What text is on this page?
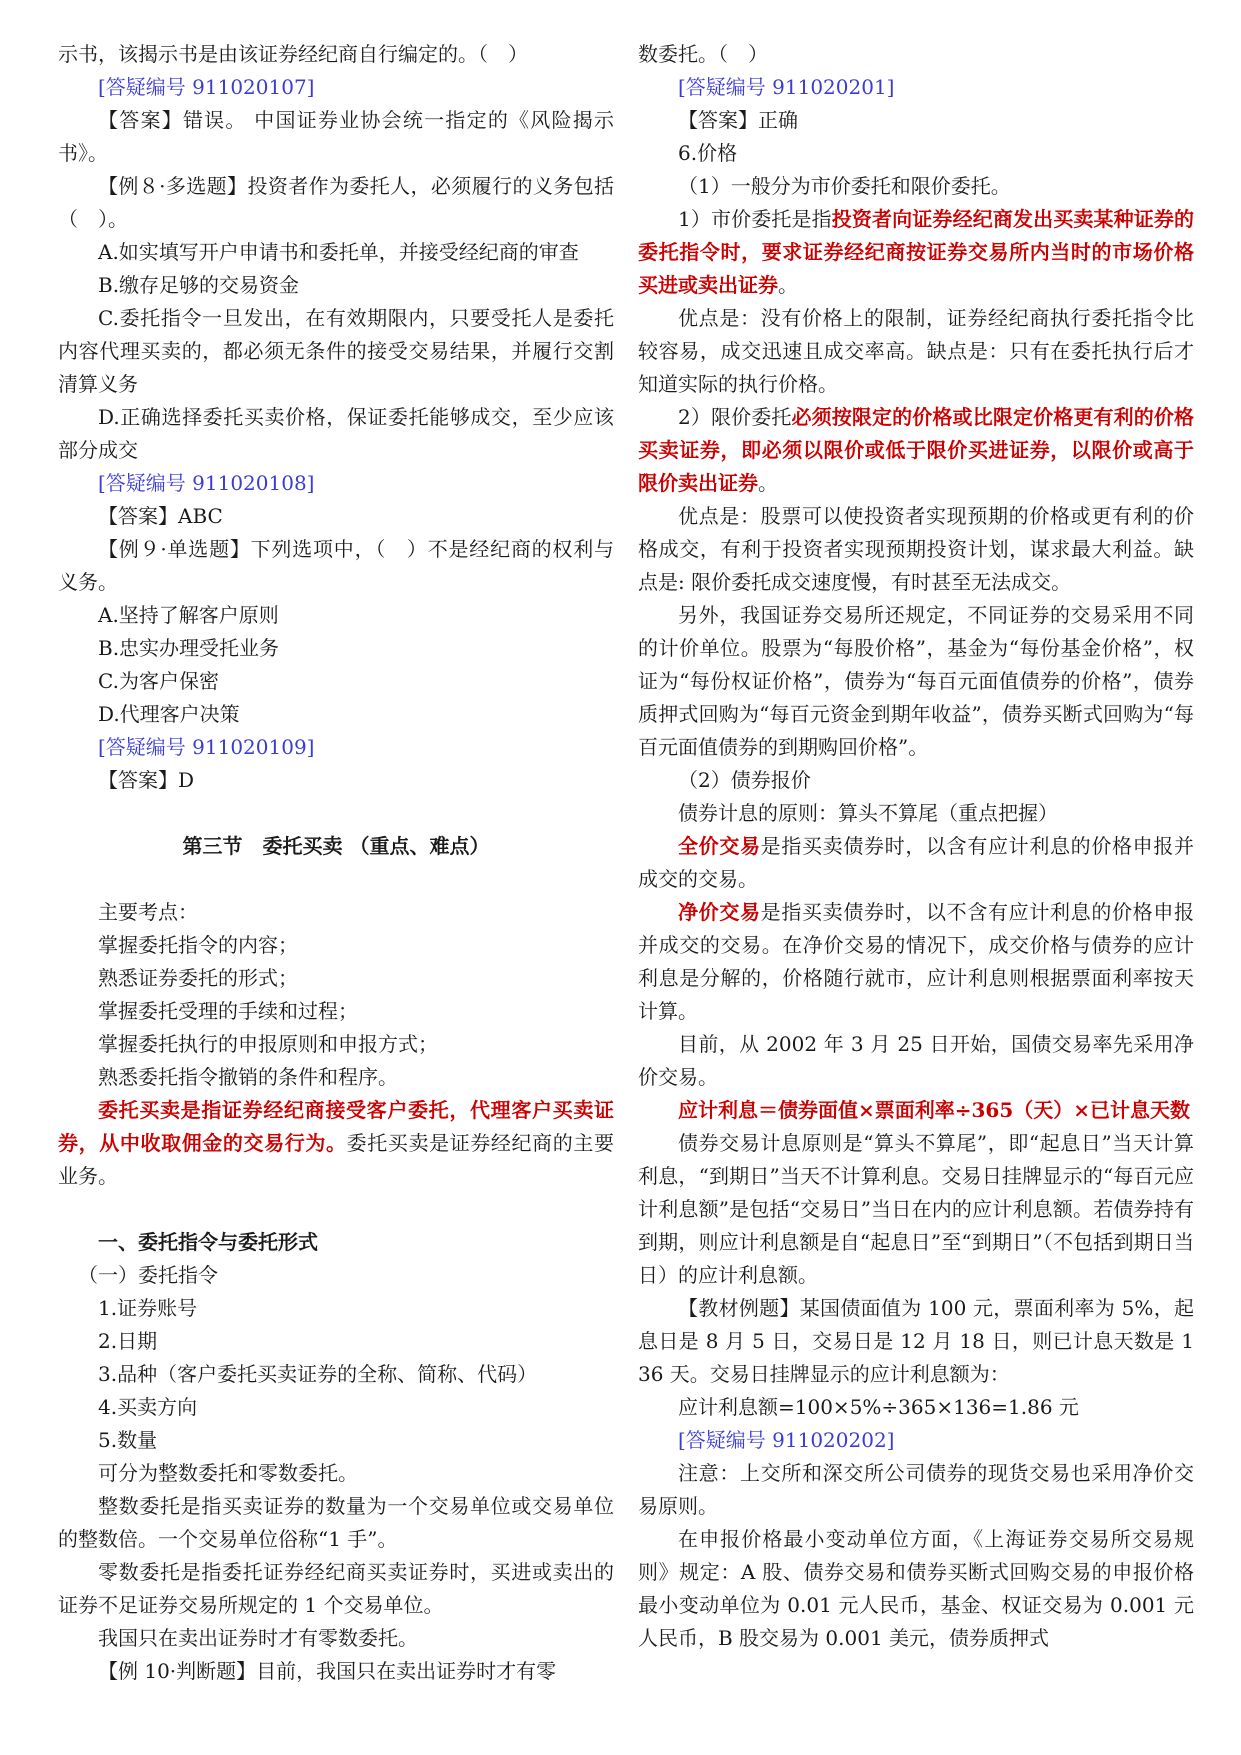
示书，该揭示书是由该证券经纪商自行编定的。（　）

[答疑编号 911020107]

【答案】错误。 中国证券业协会统一指定的《风险揭示书》。

【例８·多选题】投资者作为委托人，必须履行的义务包括（　）。

A.如实填写开户申请书和委托单，并接受经纪商的审查

B.缴存足够的交易资金

C.委托指令一旦发出，在有效期限内，只要受托人是委托内容代理买卖的，都必须无条件的接受交易结果，并履行交割清算义务

D.正确选择委托买卖价格，保证委托能够成交，至少应该部分成交

[答疑编号 911020108]

【答案】ABC

【例９·单选题】下列选项中，（　）不是经纪商的权利与义务。

A.坚持了解客户原则

B.忠实办理受托业务

C.为客户保密

D.代理客户决策

[答疑编号 911020109]

【答案】D

第三节　委托买卖 （重点、难点）

主要考点：

掌握委托指令的内容；

熟悉证券委托的形式；

掌握委托受理的手续和过程；

掌握委托执行的申报原则和申报方式；

熟悉委托指令撤销的条件和程序。

委托买卖是指证券经纪商接受客户委托，代理客户买卖证券，从中收取佣金的交易行为。委托买卖是证券经纪商的主要业务。

一、委托指令与委托形式

（一）委托指令

1.证券账号

2.日期

3.品种（客户委托买卖证券的全称、简称、代码）

4.买卖方向

5.数量

可分为整数委托和零数委托。

整数委托是指买卖证券的数量为一个交易单位或交易单位的整数倍。一个交易单位俗称“1 手”。

零数委托是指委托证券经纪商买卖证券时，买进或卖出的证券不足证券交易所规定的 1 个交易单位。

我国只在卖出证券时才有零数委托。

【例 10·判断题】目前，我国只在卖出证券时才有零

数委托。（　）

[答疑编号 911020201]

【答案】正确

6.价格

（1）一般分为市价委托和限价委托。

1）市价委托是指投资者向证券经纪商发出买卖某种证券的委托指令时，要求证券经纪商按证券交易所内当时的市场价格买进或卖出证券。

优点是：没有价格上的限制，证券经纪商执行委托指令比较容易，成交迅速且成交率高。缺点是：只有在委托执行后才知道实际的执行价格。

2）限价委托必须按限定的价格或比限定价格更有利的价格买卖证券，即必须以限价或低于限价买进证券，以限价或高于限价卖出证券。

优点是：股票可以使投资者实现预期的价格或更有利的价格成交，有利于投资者实现预期投资计划，谋求最大利益。缺点是: 限价委托成交速度慢，有时甚至无法成交。

另外，我国证券交易所还规定，不同证券的交易采用不同的计价单位。股票为“每股价格”，基金为“每份基金价格”，权证为“每份权证价格”，债券为“每百元面值债券的价格”，债券质押式回购为“每百元资金到期年收益”，债券买断式回购为“每百元面值债券的到期购回价格”。

（2）债券报价

债券计息的原则：算头不算尾（重点把握）

全价交易是指买卖债券时，以含有应计利息的价格申报并成交的交易。

净价交易是指买卖债券时，以不含有应计利息的价格申报并成交的交易。在净价交易的情况下，成交价格与债券的应计利息是分解的，价格随行就市，应计利息则根据票面利率按天计算。

目前，从 2002 年 3 月 25 日开始，国债交易率先采用净价交易。

应计利息＝债券面值×票面利率÷365（天）×已计息天数

债券交易计息原则是“算头不算尾”，即“起息日”当天计算利息，“到期日”当天不计算利息。交易日挂牌显示的“每百元应计利息额”是包括“交易日”当日在内的应计利息额。若债券持有到期，则应计利息额是自“起息日”至“到期日”（不包括到期日当日）的应计利息额。

【教材例题】某国债面值为 100 元，票面利率为 5%，起息日是 8 月 5 日，交易日是 12 月 18 日，则已计息天数是 136 天。交易日挂牌显示的应计利息额为：

应计利息额=100×5%÷365×136=1.86 元

[答疑编号 911020202]

注意：上交所和深交所公司债券的现货交易也采用净价交易原则。

在申报价格最小变动单位方面，《上海证券交易所交易规则》规定：A 股、债券交易和债券买断式回购交易的申报价格最小变动单位为 0.01 元人民币，基金、权证交易为 0.001 元人民币，B 股交易为 0.001 美元，债券质押式
